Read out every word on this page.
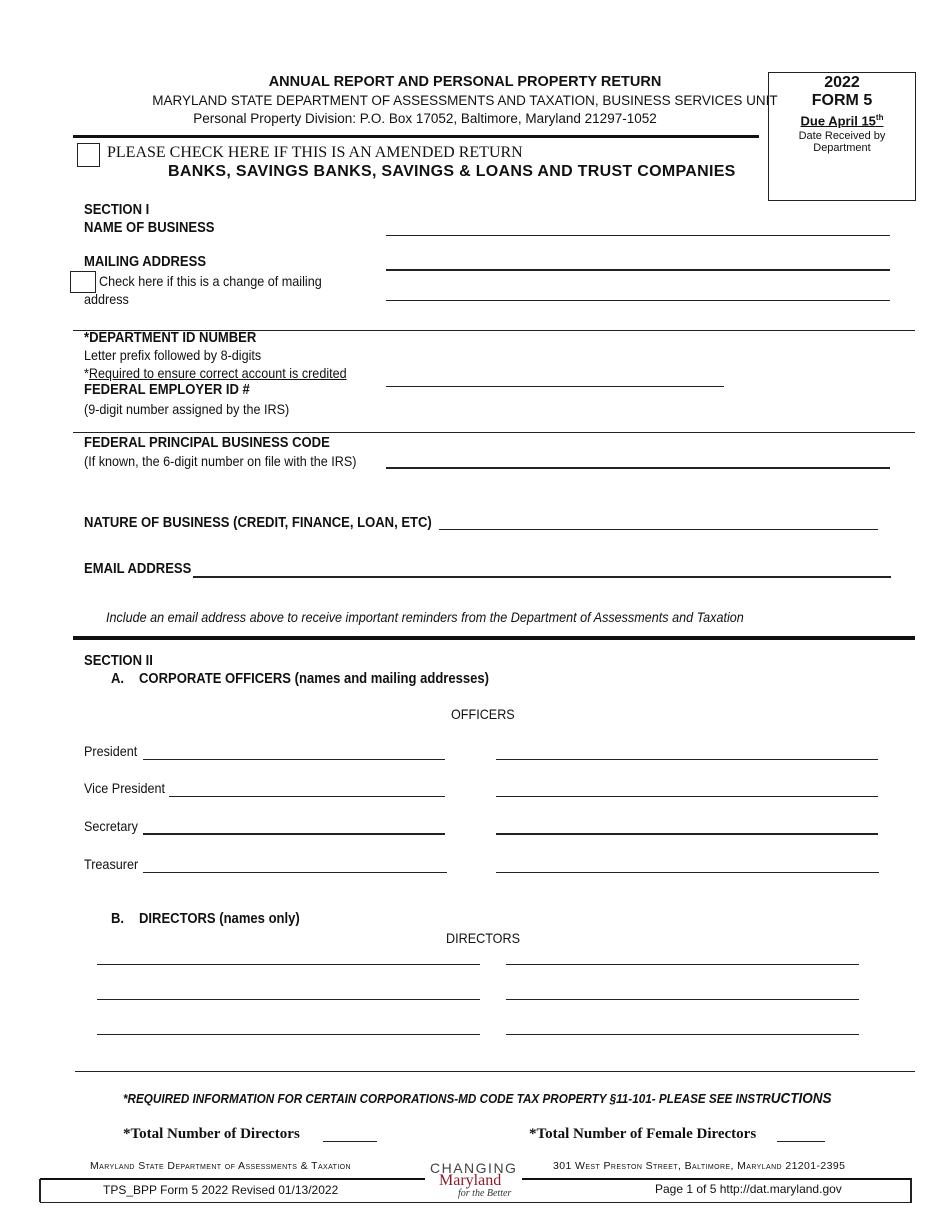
ANNUAL REPORT AND PERSONAL PROPERTY RETURN
MARYLAND STATE DEPARTMENT OF ASSESSMENTS AND TAXATION, BUSINESS SERVICES UNIT
Personal Property Division: P.O. Box 17052, Baltimore, Maryland 21297-1052
2022
FORM 5
Due April 15th
Date Received by Department
PLEASE CHECK HERE IF THIS IS AN AMENDED RETURN
BANKS, SAVINGS BANKS, SAVINGS & LOANS AND TRUST COMPANIES
SECTION I
NAME OF BUSINESS
MAILING ADDRESS
Check here if this is a change of mailing
address
*DEPARTMENT ID NUMBER
Letter prefix followed by 8-digits
*Required to ensure correct account is credited
FEDERAL EMPLOYER ID #
(9-digit number assigned by the IRS)
FEDERAL PRINCIPAL BUSINESS CODE
(If known, the 6-digit number on file with the IRS)
NATURE OF BUSINESS (CREDIT, FINANCE, LOAN, ETC)
EMAIL ADDRESS
Include an email address above to receive important reminders from the Department of Assessments and Taxation
SECTION II
A. CORPORATE OFFICERS (names and mailing addresses)
OFFICERS
President
Vice President
Secretary
Treasurer
B. DIRECTORS (names only)
DIRECTORS
*REQUIRED INFORMATION FOR CERTAIN CORPORATIONS-MD CODE TAX PROPERTY §11-101- PLEASE SEE INSTRUCTIONS
*Total Number of Directors	*Total Number of Female Directors
Maryland State Department of Assessments & Taxation	301 West Preston Street, Baltimore, Maryland 21201-2395
CHANGING
Maryland
for the Better
TPS_BPP Form 5 2022 Revised 01/13/2022	Page 1 of 5 http://dat.maryland.gov
